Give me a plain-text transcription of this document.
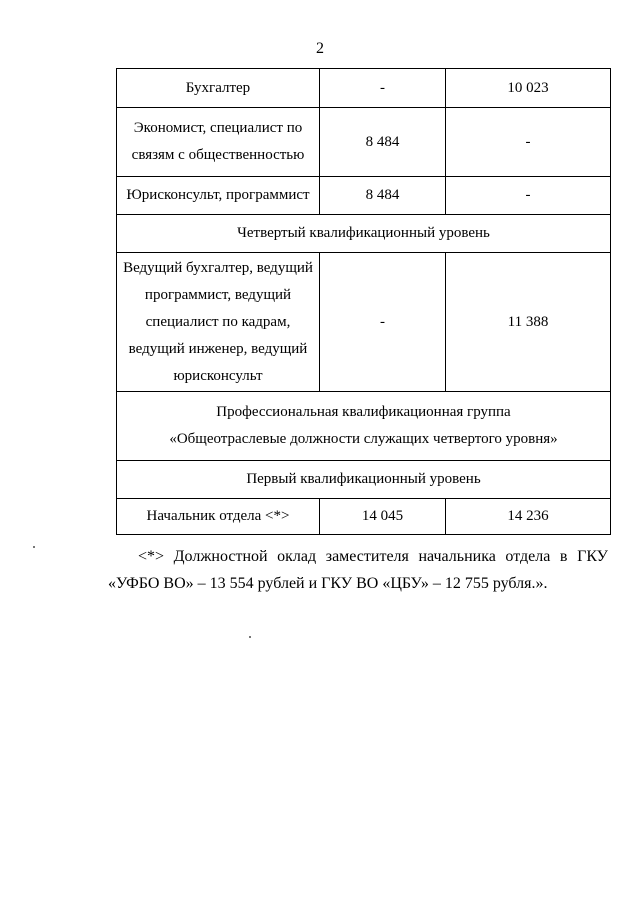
2
Бухгалтер	-	10 023
Экономист, специалист по связям с общественностью	8 484	-
Юрисконсульт, программист	8 484	-
Четвертый квалификационный уровень		
Ведущий бухгалтер, ведущий программист, ведущий специалист по кадрам, ведущий инженер, ведущий юрисконсульт	-	11 388

Профессиональная квалификационная группа
«Общеотраслевые должности служащих четвертого уровня»		

Первый квалификационный уровень		
Начальник отдела <*>	14 045	14 236
<*> Должностной оклад заместителя начальника отдела в ГКУ «УФБО ВО» – 13 554 рублей и ГКУ ВО «ЦБУ» – 12 755 рубля.».
